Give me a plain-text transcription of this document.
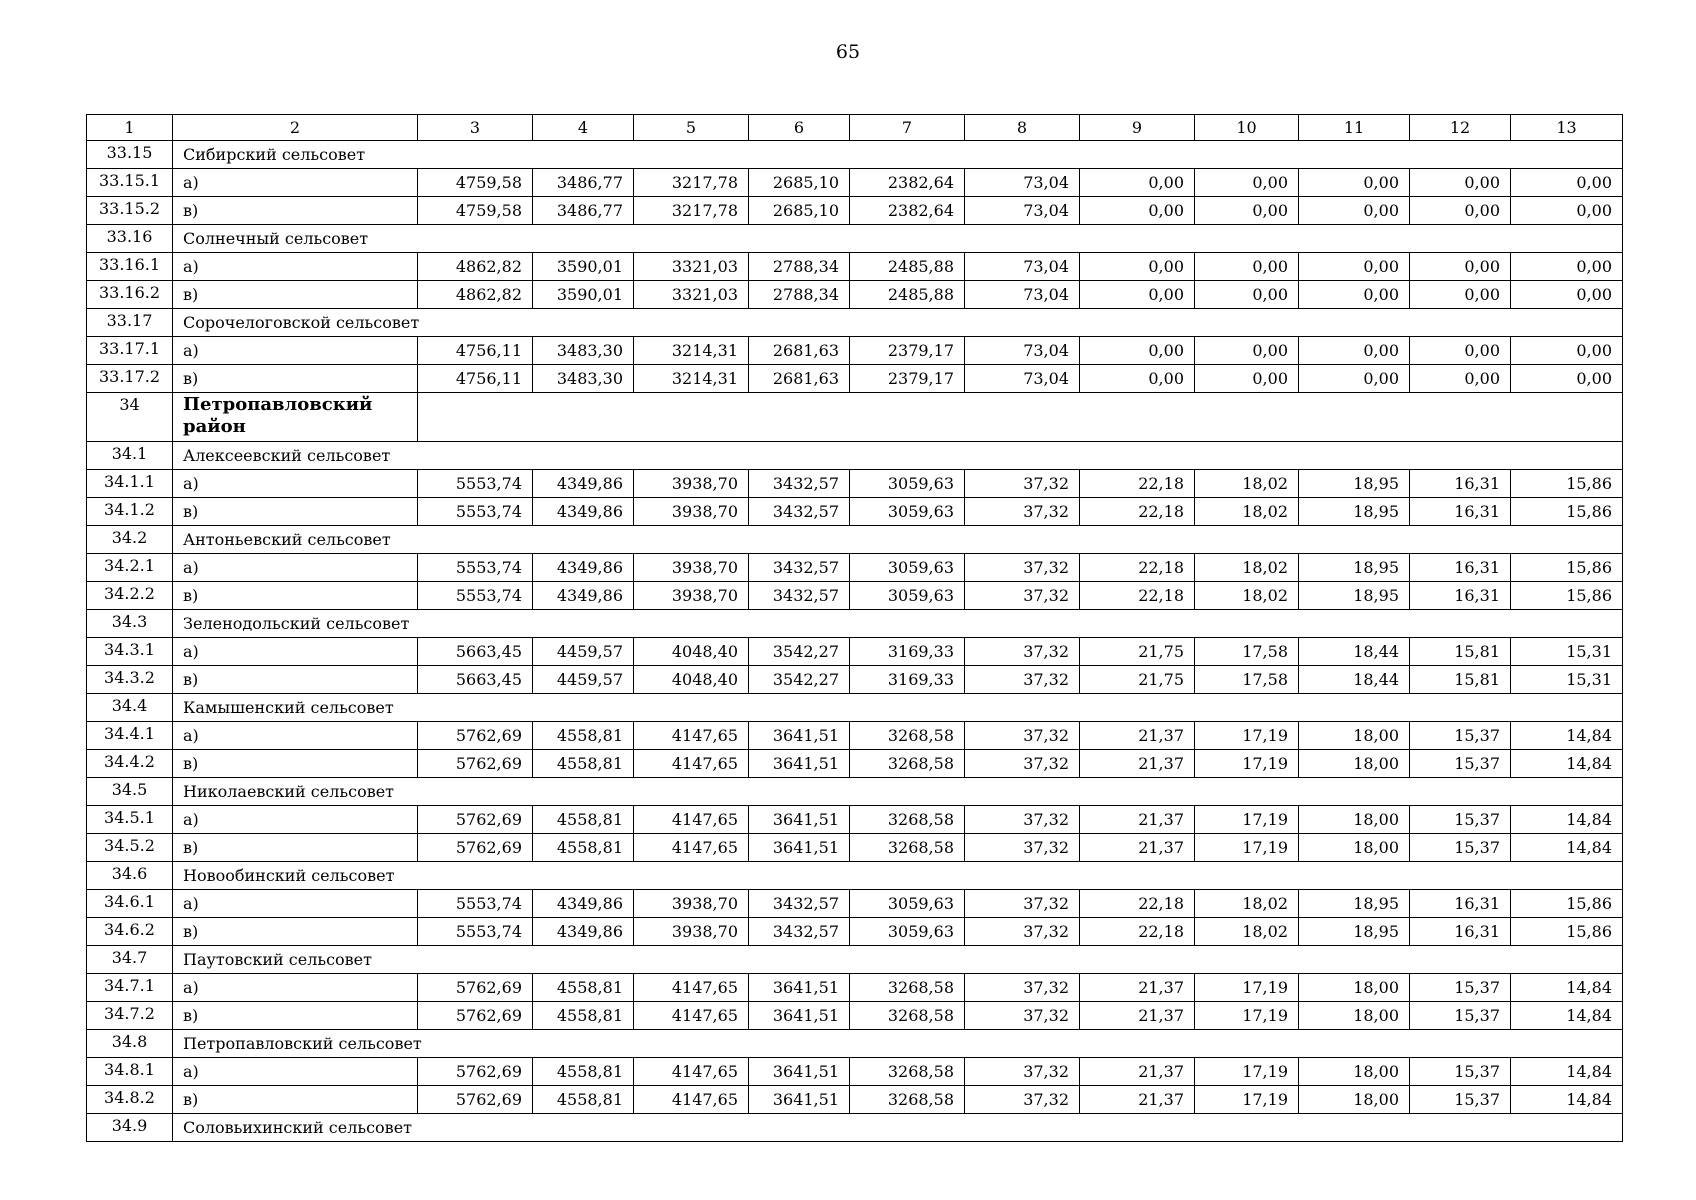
65
1	2	3	4	5	6	7	8	9	10	11	12	13
33.15	Сибирский сельсовет											
33.15.1	а)	4759,58	3486,77	3217,78	2685,10	2382,64	73,04	0,00	0,00	0,00	0,00	0,00
33.15.2	в)	4759,58	3486,77	3217,78	2685,10	2382,64	73,04	0,00	0,00	0,00	0,00	0,00
33.16	Солнечный сельсовет											
33.16.1	а)	4862,82	3590,01	3321,03	2788,34	2485,88	73,04	0,00	0,00	0,00	0,00	0,00
33.16.2	в)	4862,82	3590,01	3321,03	2788,34	2485,88	73,04	0,00	0,00	0,00	0,00	0,00
33.17	Сорочелоговской сельсовет											
33.17.1	а)	4756,11	3483,30	3214,31	2681,63	2379,17	73,04	0,00	0,00	0,00	0,00	0,00
33.17.2	в)	4756,11	3483,30	3214,31	2681,63	2379,17	73,04	0,00	0,00	0,00	0,00	0,00
34	Петропавловский район											
34.1	Алексеевский сельсовет											
34.1.1	а)	5553,74	4349,86	3938,70	3432,57	3059,63	37,32	22,18	18,02	18,95	16,31	15,86
34.1.2	в)	5553,74	4349,86	3938,70	3432,57	3059,63	37,32	22,18	18,02	18,95	16,31	15,86
34.2	Антоньевский сельсовет											
34.2.1	а)	5553,74	4349,86	3938,70	3432,57	3059,63	37,32	22,18	18,02	18,95	16,31	15,86
34.2.2	в)	5553,74	4349,86	3938,70	3432,57	3059,63	37,32	22,18	18,02	18,95	16,31	15,86
34.3	Зеленодольский сельсовет											
34.3.1	а)	5663,45	4459,57	4048,40	3542,27	3169,33	37,32	21,75	17,58	18,44	15,81	15,31
34.3.2	в)	5663,45	4459,57	4048,40	3542,27	3169,33	37,32	21,75	17,58	18,44	15,81	15,31
34.4	Камышенский сельсовет											
34.4.1	а)	5762,69	4558,81	4147,65	3641,51	3268,58	37,32	21,37	17,19	18,00	15,37	14,84
34.4.2	в)	5762,69	4558,81	4147,65	3641,51	3268,58	37,32	21,37	17,19	18,00	15,37	14,84
34.5	Николаевский сельсовет											
34.5.1	а)	5762,69	4558,81	4147,65	3641,51	3268,58	37,32	21,37	17,19	18,00	15,37	14,84
34.5.2	в)	5762,69	4558,81	4147,65	3641,51	3268,58	37,32	21,37	17,19	18,00	15,37	14,84
34.6	Новообинский сельсовет											
34.6.1	а)	5553,74	4349,86	3938,70	3432,57	3059,63	37,32	22,18	18,02	18,95	16,31	15,86
34.6.2	в)	5553,74	4349,86	3938,70	3432,57	3059,63	37,32	22,18	18,02	18,95	16,31	15,86
34.7	Паутовский сельсовет											
34.7.1	а)	5762,69	4558,81	4147,65	3641,51	3268,58	37,32	21,37	17,19	18,00	15,37	14,84
34.7.2	в)	5762,69	4558,81	4147,65	3641,51	3268,58	37,32	21,37	17,19	18,00	15,37	14,84
34.8	Петропавловский сельсовет											
34.8.1	а)	5762,69	4558,81	4147,65	3641,51	3268,58	37,32	21,37	17,19	18,00	15,37	14,84
34.8.2	в)	5762,69	4558,81	4147,65	3641,51	3268,58	37,32	21,37	17,19	18,00	15,37	14,84
34.9	Соловьихинский сельсовет											
